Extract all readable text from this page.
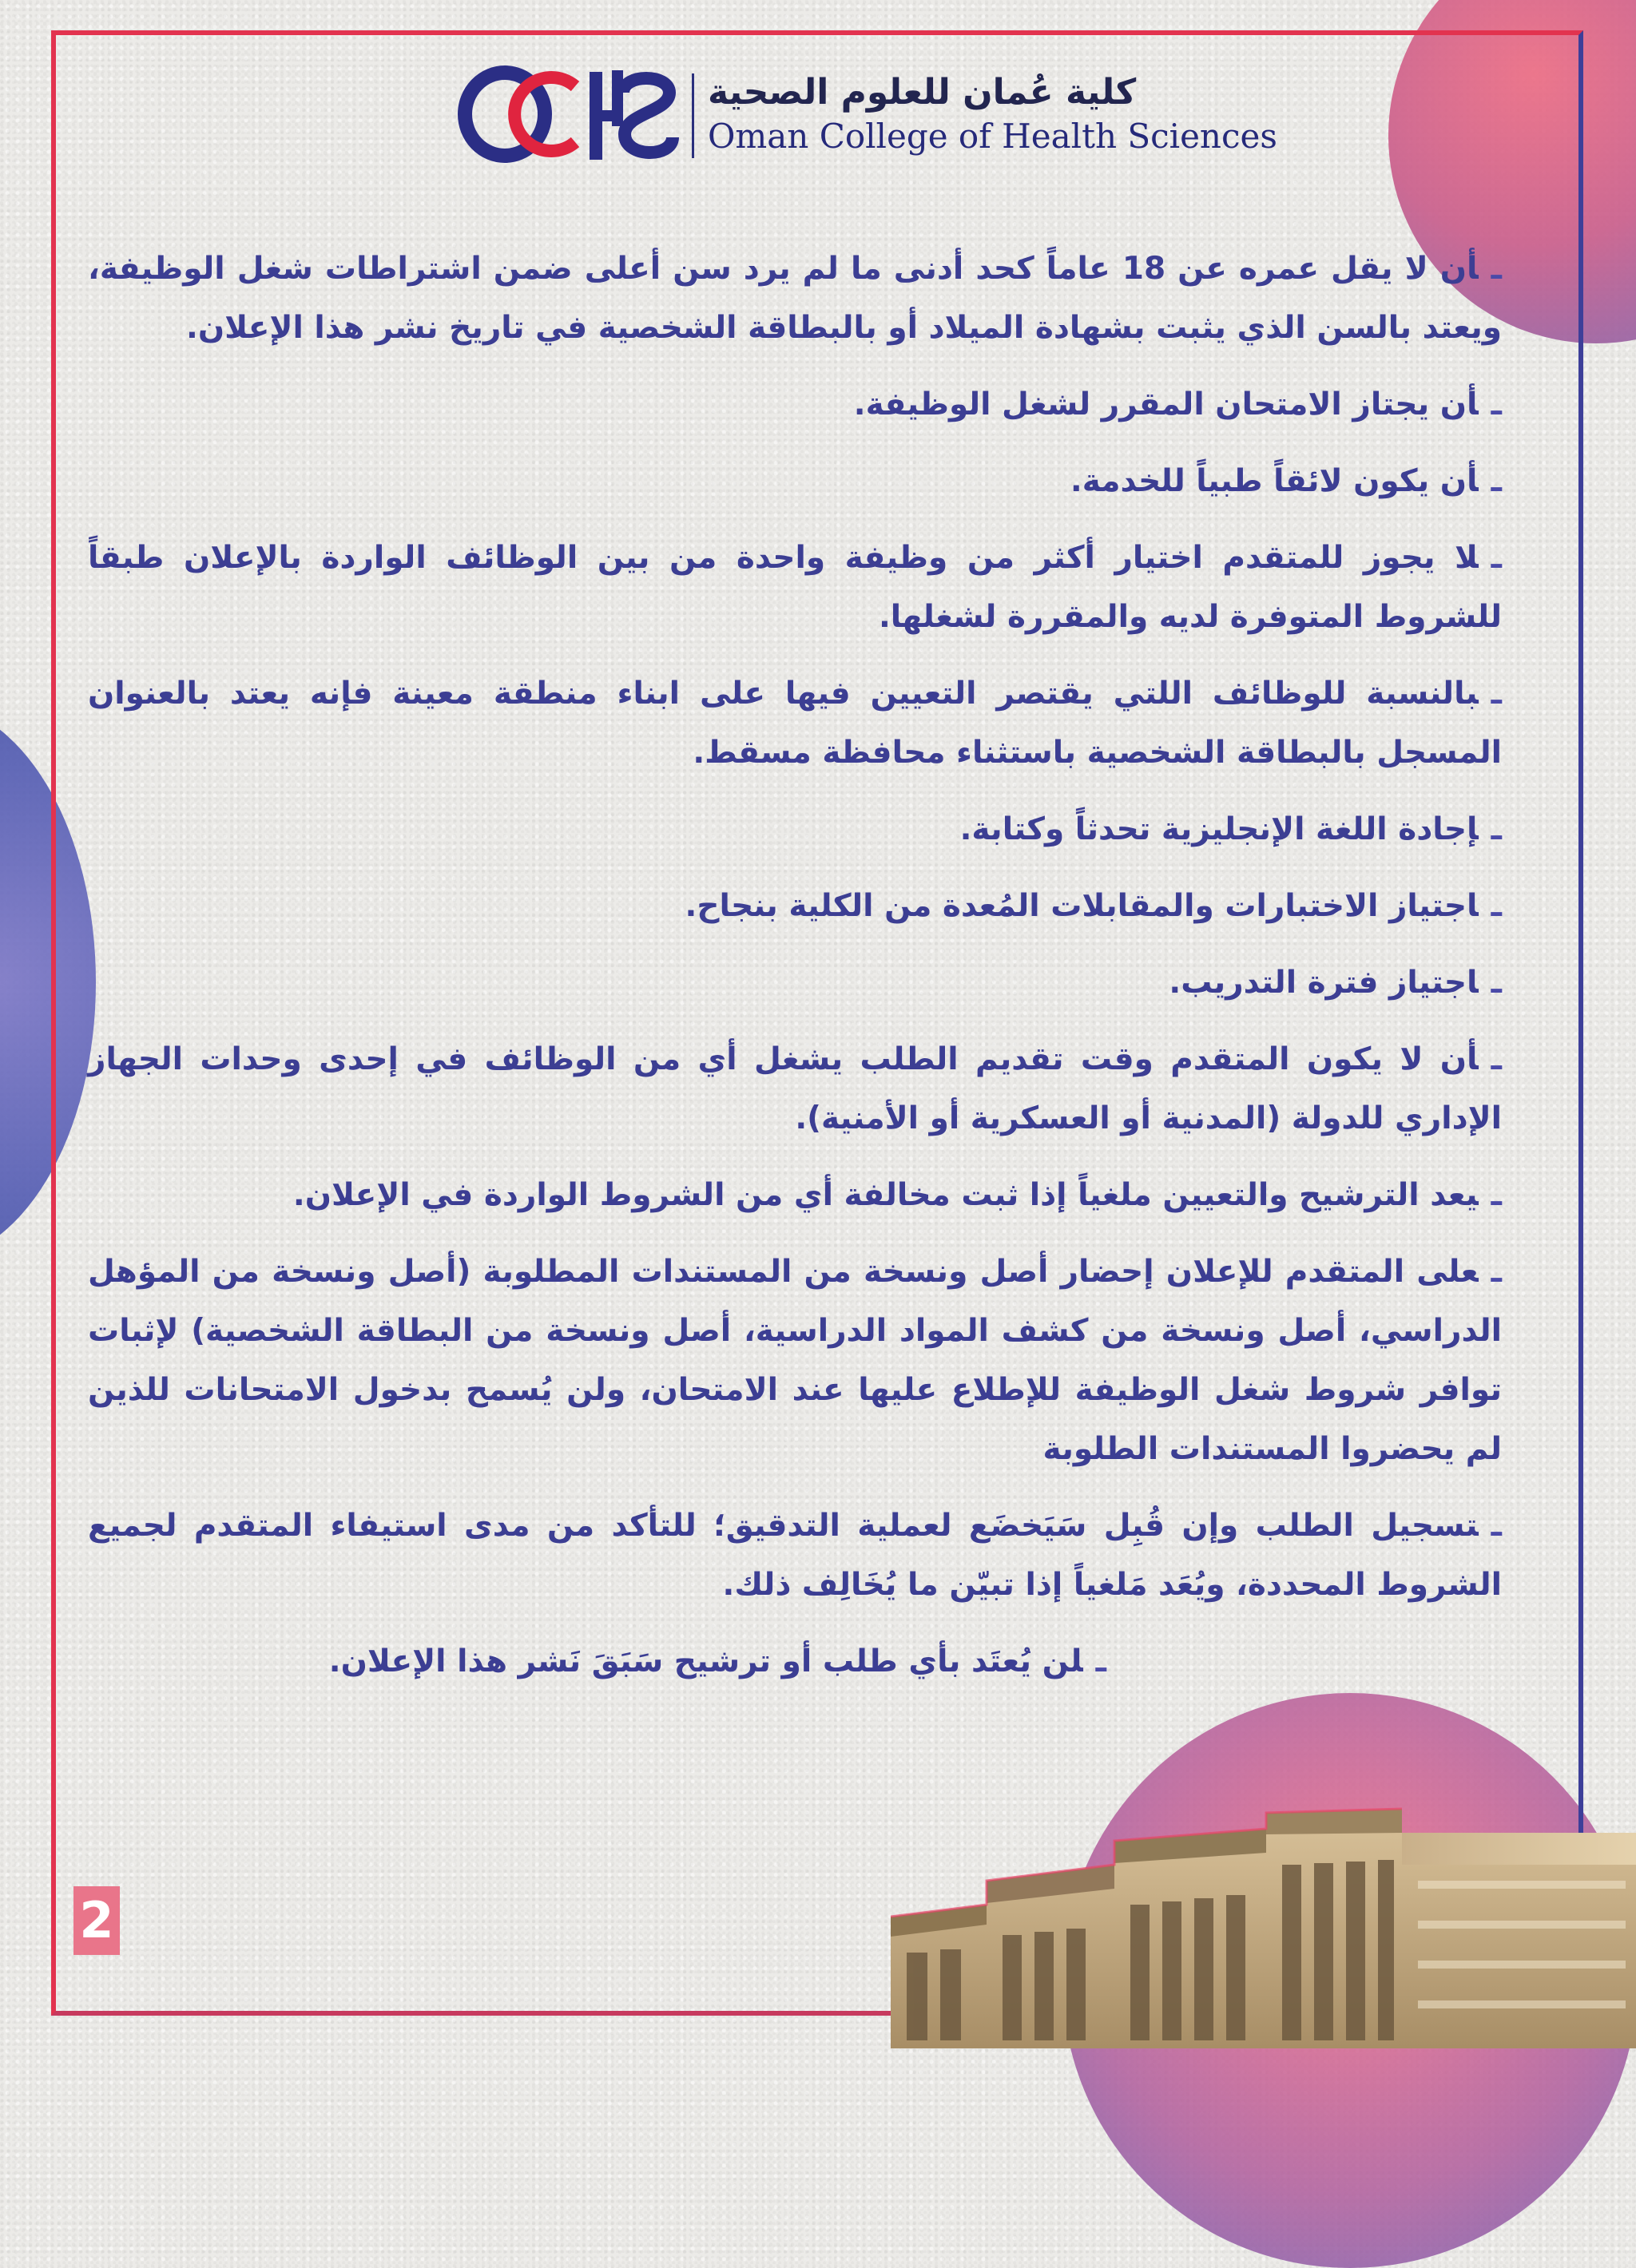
كلية عُمان للعلوم الصحية
Oman College of Health Sciences

ـأن لا يقل عمره عن 18 عاماً كحد أدنى ما لم يرد سن أعلى ضمن اشتراطات شغل الوظيفة، ويعتد بالسن الذي يثبت بشهادة الميلاد أو بالبطاقة الشخصية في تاريخ نشر هذا الإعلان.

ـأن يجتاز الامتحان المقرر لشغل الوظيفة.

ـأن يكون لائقاً طبياً للخدمة.

ـلا يجوز للمتقدم اختيار أكثر من وظيفة واحدة من بين الوظائف الواردة بالإعلان طبقاً للشروط المتوفرة لديه والمقررة لشغلها.

ـبالنسبة للوظائف اللتي يقتصر التعيين فيها على ابناء منطقة معينة فإنه يعتد بالعنوان المسجل بالبطاقة الشخصية باستثناء محافظة مسقط.

ـإجادة اللغة الإنجليزية تحدثاً وكتابة.

ـاجتياز الاختبارات والمقابلات المُعدة من الكلية بنجاح.

ـاجتياز فترة التدريب.

ـأن لا يكون المتقدم وقت تقديم الطلب يشغل أي من الوظائف في إحدى وحدات الجهاز الإداري للدولة (المدنية أو العسكرية أو الأمنية).

ـيعد الترشيح والتعيين ملغياً إذا ثبت مخالفة أي من الشروط الواردة في الإعلان.

ـعلى المتقدم للإعلان إحضار أصل ونسخة من المستندات المطلوبة (أصل ونسخة من المؤهل الدراسي، أصل ونسخة من كشف المواد الدراسية، أصل ونسخة من البطاقة الشخصية) لإثبات توافر شروط شغل الوظيفة للإطلاع عليها عند الامتحان، ولن يُسمح بدخول الامتحانات للذين لم يحضروا المستندات الطلوبة

ـتسجيل الطلب وإن قُبِل سَيَخضَع لعملية التدقيق؛ للتأكد من مدى استيفاء المتقدم لجميع الشروط المحددة، ويُعَد مَلغياً إذا تبيّن ما يُخَالِف ذلك.

ـلن يُعتَد بأي طلب أو ترشيح سَبَقَ نَشر هذا الإعلان.

2
